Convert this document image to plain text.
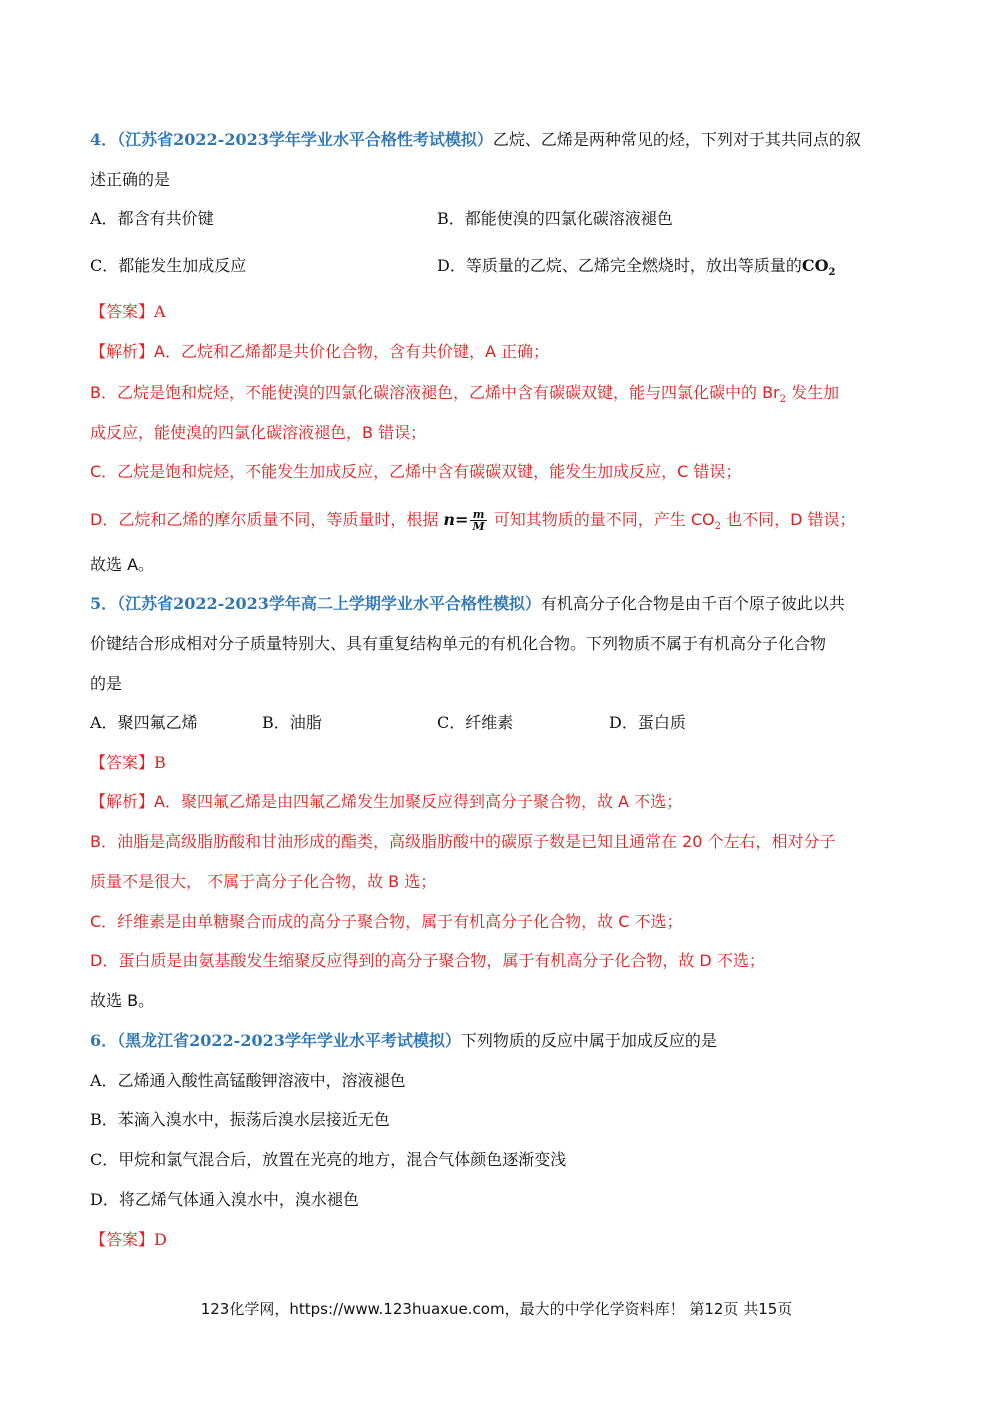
4．（江苏省2022-2023学年学业水平合格性考试模拟）乙烷、乙烯是两种常见的烃，下列对于其共同点的叙
述正确的是
A．都含有共价键	B．都能使溴的四氯化碳溶液褪色
C．都能发生加成反应	D．等质量的乙烷、乙烯完全燃烧时，放出等质量的$CO_2$
【答案】A
【解析】A．乙烷和乙烯都是共价化合物，含有共价键，A 正确；
B．乙烷是饱和烷烃，不能使溴的四氯化碳溶液褪色，乙烯中含有碳碳双键，能与四氯化碳中的 $Br_2$ 发生加
成反应，能使溴的四氯化碳溶液褪色，B 错误；
C．乙烷是饱和烷烃，不能发生加成反应，乙烯中含有碳碳双键，能发生加成反应，C 错误；
D．乙烷和乙烯的摩尔质量不同，等质量时，根据 $n= \frac{m}{M}$ 可知其物质的量不同，产生 $CO_2$ 也不同，D 错误；
故选 A。
5．（江苏省2022-2023学年高二上学期学业水平合格性模拟）有机高分子化合物是由千百个原子彼此以共
价键结合形成相对分子质量特别大、具有重复结构单元的有机化合物。下列物质不属于有机高分子化合物
的是
A．聚四氟乙烯	B．油脂	C．纤维素	D．蛋白质
【答案】B
【解析】A．聚四氟乙烯是由四氟乙烯发生加聚反应得到高分子聚合物，故 A 不选；
B．油脂是高级脂肪酸和甘油形成的酯类，高级脂肪酸中的碳原子数是已知且通常在 20 个左右，相对分子
质量不是很大， 不属于高分子化合物，故 B 选；
C．纤维素是由单糖聚合而成的高分子聚合物，属于有机高分子化合物，故 C 不选；
D．蛋白质是由氨基酸发生缩聚反应得到的高分子聚合物，属于有机高分子化合物，故 D 不选；
故选 B。
6．（黑龙江省2022-2023学年学业水平考试模拟）下列物质的反应中属于加成反应的是
A．乙烯通入酸性高锰酸钾溶液中，溶液褪色
B．苯滴入溴水中，振荡后溴水层接近无色
C．甲烷和氯气混合后，放置在光亮的地方，混合气体颜色逐渐变浅
D．将乙烯气体通入溴水中，溴水褪色
【答案】D
123化学网，https://www.123huaxue.com，最大的中学化学资料库！ 第12页 共15页
